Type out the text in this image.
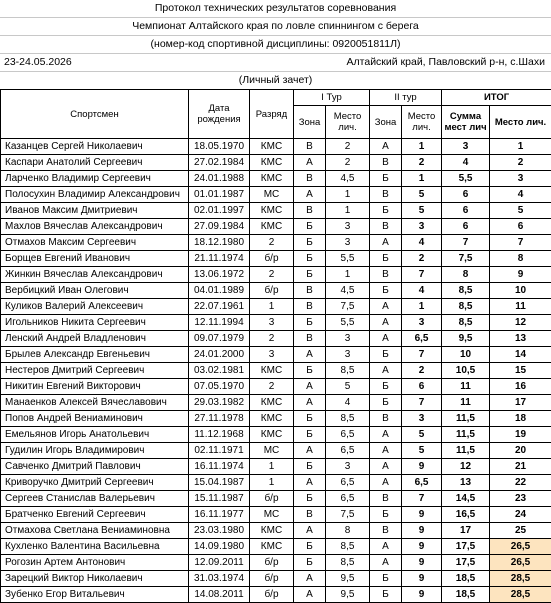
Протокол технических результатов соревнования
Чемпионат Алтайского края по ловле спиннингом с берега
(номер-код спортивной дисциплины: 0920051811Л)
23-24.05.2026	Алтайский край, Павловский р-н, с.Шахи
(Личный зачет)
Спортсмен	Дата рождения	Разряд	I Тур		II тур		ИТОГ	
			Зона	Место лич.	Зона	Место лич.	Сумма мест лич	Место лич.
Казанцев Сергей Николаевич	18.05.1970	КМС	В	2	А	1	3	1
Каспари Анатолий Сергеевич	27.02.1984	КМС	А	2	В	2	4	2
Ларченко Владимир Сергеевич	24.01.1988	КМС	В	4,5	Б	1	5,5	3
Полосухин Владимир Александрович	01.01.1987	МС	А	1	В	5	6	4
Иванов Максим Дмитриевич	02.01.1997	КМС	В	1	Б	5	6	5
Махлов Вячеслав Александрович	27.09.1984	КМС	Б	3	В	3	6	6
Отмахов Максим Сергеевич	18.12.1980	2	Б	3	А	4	7	7
Борщев Евгений Иванович	21.11.1974	б/р	Б	5,5	Б	2	7,5	8
Жинкин Вячеслав Александрович	13.06.1972	2	Б	1	В	7	8	9
Вербицкий Иван Олегович	04.01.1989	б/р	В	4,5	Б	4	8,5	10
Куликов Валерий Алексеевич	22.07.1961	1	В	7,5	А	1	8,5	11
Игольников Никита Сергеевич	12.11.1994	3	Б	5,5	А	3	8,5	12
Ленский Андрей Владленович	09.07.1979	2	В	3	А	6,5	9,5	13
Брылев Александр Евгеньевич	24.01.2000	3	А	3	Б	7	10	14
Нестеров Дмитрий Сергеевич	03.02.1981	КМС	Б	8,5	А	2	10,5	15
Никитин Евгений Викторович	07.05.1970	2	А	5	Б	6	11	16
Манаенков Алексей Вячеславович	29.03.1982	КМС	А	4	Б	7	11	17
Попов Андрей Вениаминович	27.11.1978	КМС	Б	8,5	В	3	11,5	18
Емельянов Игорь Анатольевич	11.12.1968	КМС	Б	6,5	А	5	11,5	19
Гудилин Игорь Владимирович	02.11.1971	МС	А	6,5	А	5	11,5	20
Савченко Дмитрий Павлович	16.11.1974	1	Б	3	А	9	12	21
Криворучко Дмитрий Сергеевич	15.04.1987	1	А	6,5	А	6,5	13	22
Сергеев Станислав Валерьевич	15.11.1987	б/р	Б	6,5	В	7	14,5	23
Братченко Евгений Сергеевич	16.11.1977	МС	В	7,5	Б	9	16,5	24
Отмахова Светлана Вениаминовна	23.03.1980	КМС	А	8	В	9	17	25
Кухленко Валентина Васильевна	14.09.1980	КМС	Б	8,5	А	9	17,5	26,5
Рогозин Артем Антонович	12.09.2011	б/р	Б	8,5	А	9	17,5	26,5
Зарецкий Виктор Николаевич	31.03.1974	б/р	А	9,5	Б	9	18,5	28,5
Зубенко Егор Витальевич	14.08.2011	б/р	А	9,5	Б	9	18,5	28,5
